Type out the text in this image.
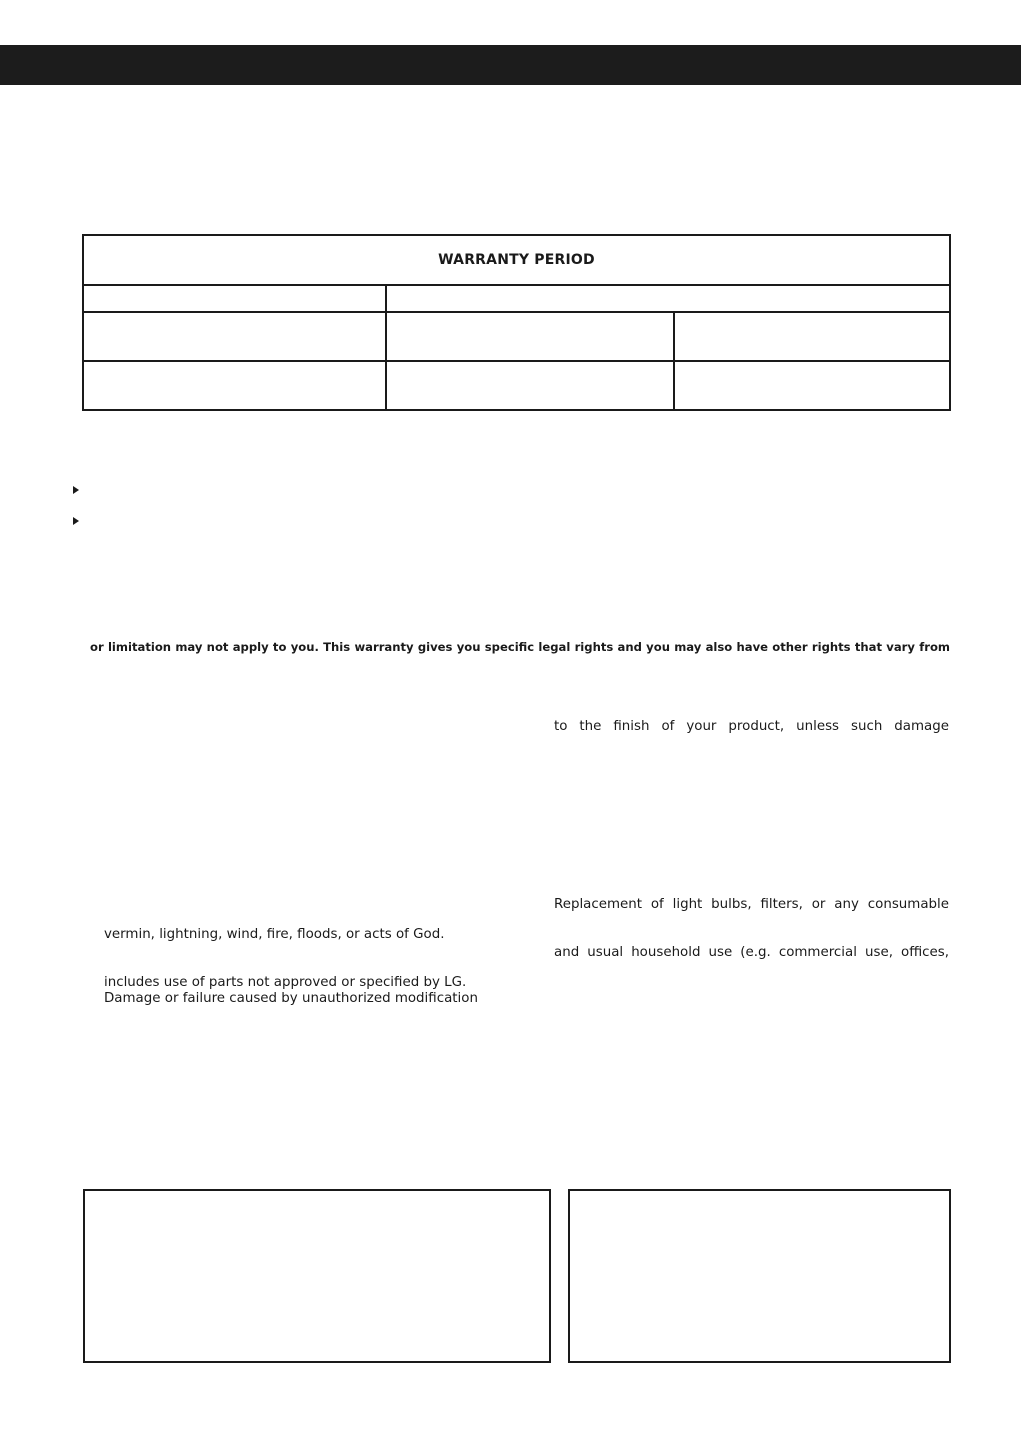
WARRANTY PERIOD
or limitation may not apply to you. This warranty gives you specific legal rights and you may also have other rights that vary from
to the finish of your product, unless such damage
Replacement of light bulbs, filters, or any consumable
and usual household use (e.g. commercial use, offices,
vermin, lightning, wind, fire, floods, or acts of God.
includes use of parts not approved or specified by LG.
Damage or failure caused by unauthorized modification
